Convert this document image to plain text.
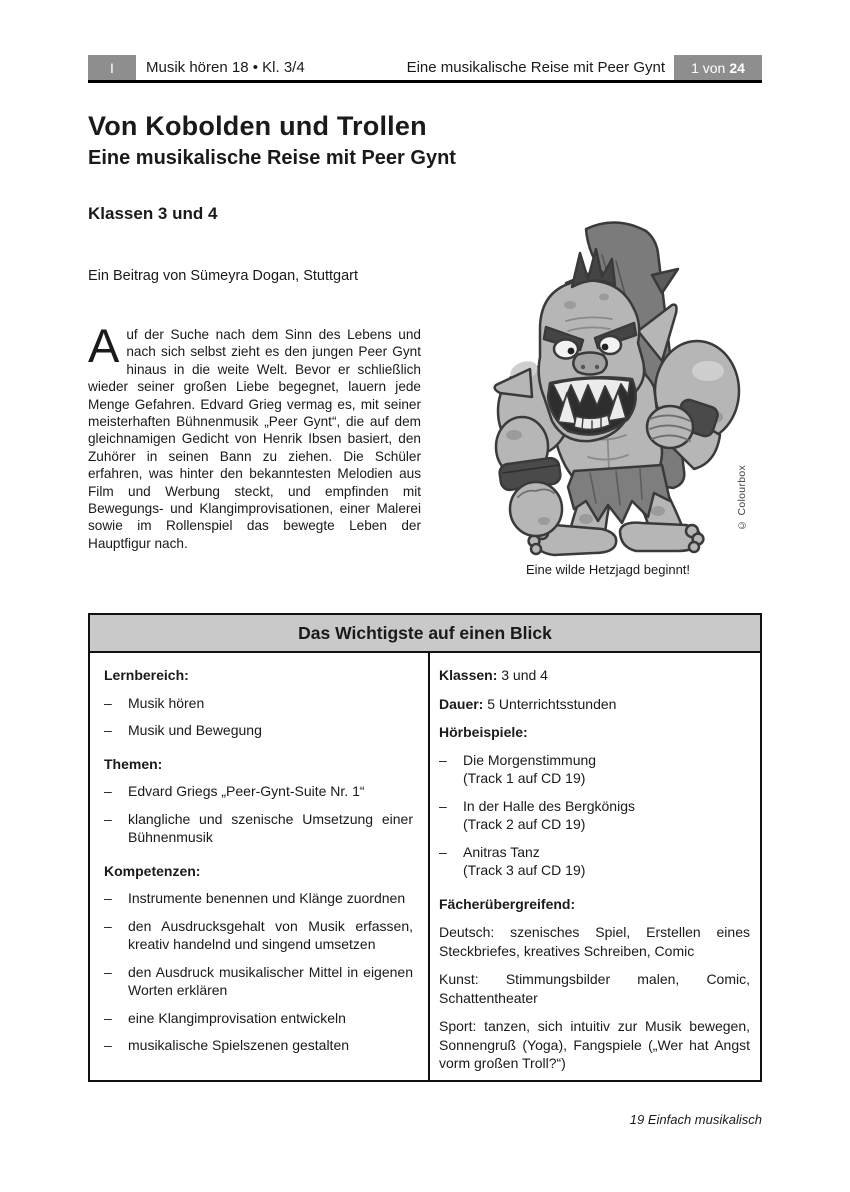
I Musik hören 18 • Kl. 3/4	Eine musikalische Reise mit Peer Gynt 1 von 24
Von Kobolden und Trollen
Eine musikalische Reise mit Peer Gynt
Klassen 3 und 4

Ein Beitrag von Sümeyra Dogan, Stuttgart

Auf der Suche nach dem Sinn des Lebens und nach sich selbst zieht es den jungen Peer Gynt hinaus in die weite Welt. Bevor er schließlich wieder seiner großen Liebe begegnet, lauern jede Menge Gefahren. Edvard Grieg vermag es, mit seiner meisterhaften Bühnenmusik „Peer Gynt“, die auf dem gleichnamigen Gedicht von Henrik Ibsen basiert, den Zuhörer in seinen Bann zu ziehen. Die Schüler erfahren, was hinter den bekanntesten Melodien aus Film und Werbung steckt, und empfinden mit Bewegungs- und Klangimprovisationen, einer Malerei sowie im Rollenspiel das bewegte Leben der Hauptfigur nach.

Eine wilde Hetzjagd beginnt!

© Colourbox
Das Wichtigste auf einen Blick
Lernbereich:
–	Musik hören
–	Musik und Bewegung
Themen:
–	Edvard Griegs „Peer-Gynt-Suite Nr. 1“
–	klangliche und szenische Umsetzung einer Bühnenmusik
Kompetenzen:
–	Instrumente benennen und Klänge zuordnen
–	den Ausdrucksgehalt von Musik erfassen, kreativ handelnd und singend umsetzen
–	den Ausdruck musikalischer Mittel in eigenen Worten erklären
–	eine Klangimprovisation entwickeln
–	musikalische Spielszenen gestalten

Klassen: 3 und 4

Dauer: 5 Unterrichtsstunden

Hörbeispiele:
–	Die Morgenstimmung
(Track 1 auf CD 19)
–	In der Halle des Bergkönigs
(Track 2 auf CD 19)
–	Anitras Tanz
(Track 3 auf CD 19)
Fächerübergreifend:

Deutsch: szenisches Spiel, Erstellen eines Steckbriefes, kreatives Schreiben, Comic

Kunst: Stimmungsbilder malen, Comic, Schattentheater

Sport: tanzen, sich intuitiv zur Musik bewegen, Sonnengruß (Yoga), Fangspiele („Wer hat Angst vorm großen Troll?“)

19 Einfach musikalisch
